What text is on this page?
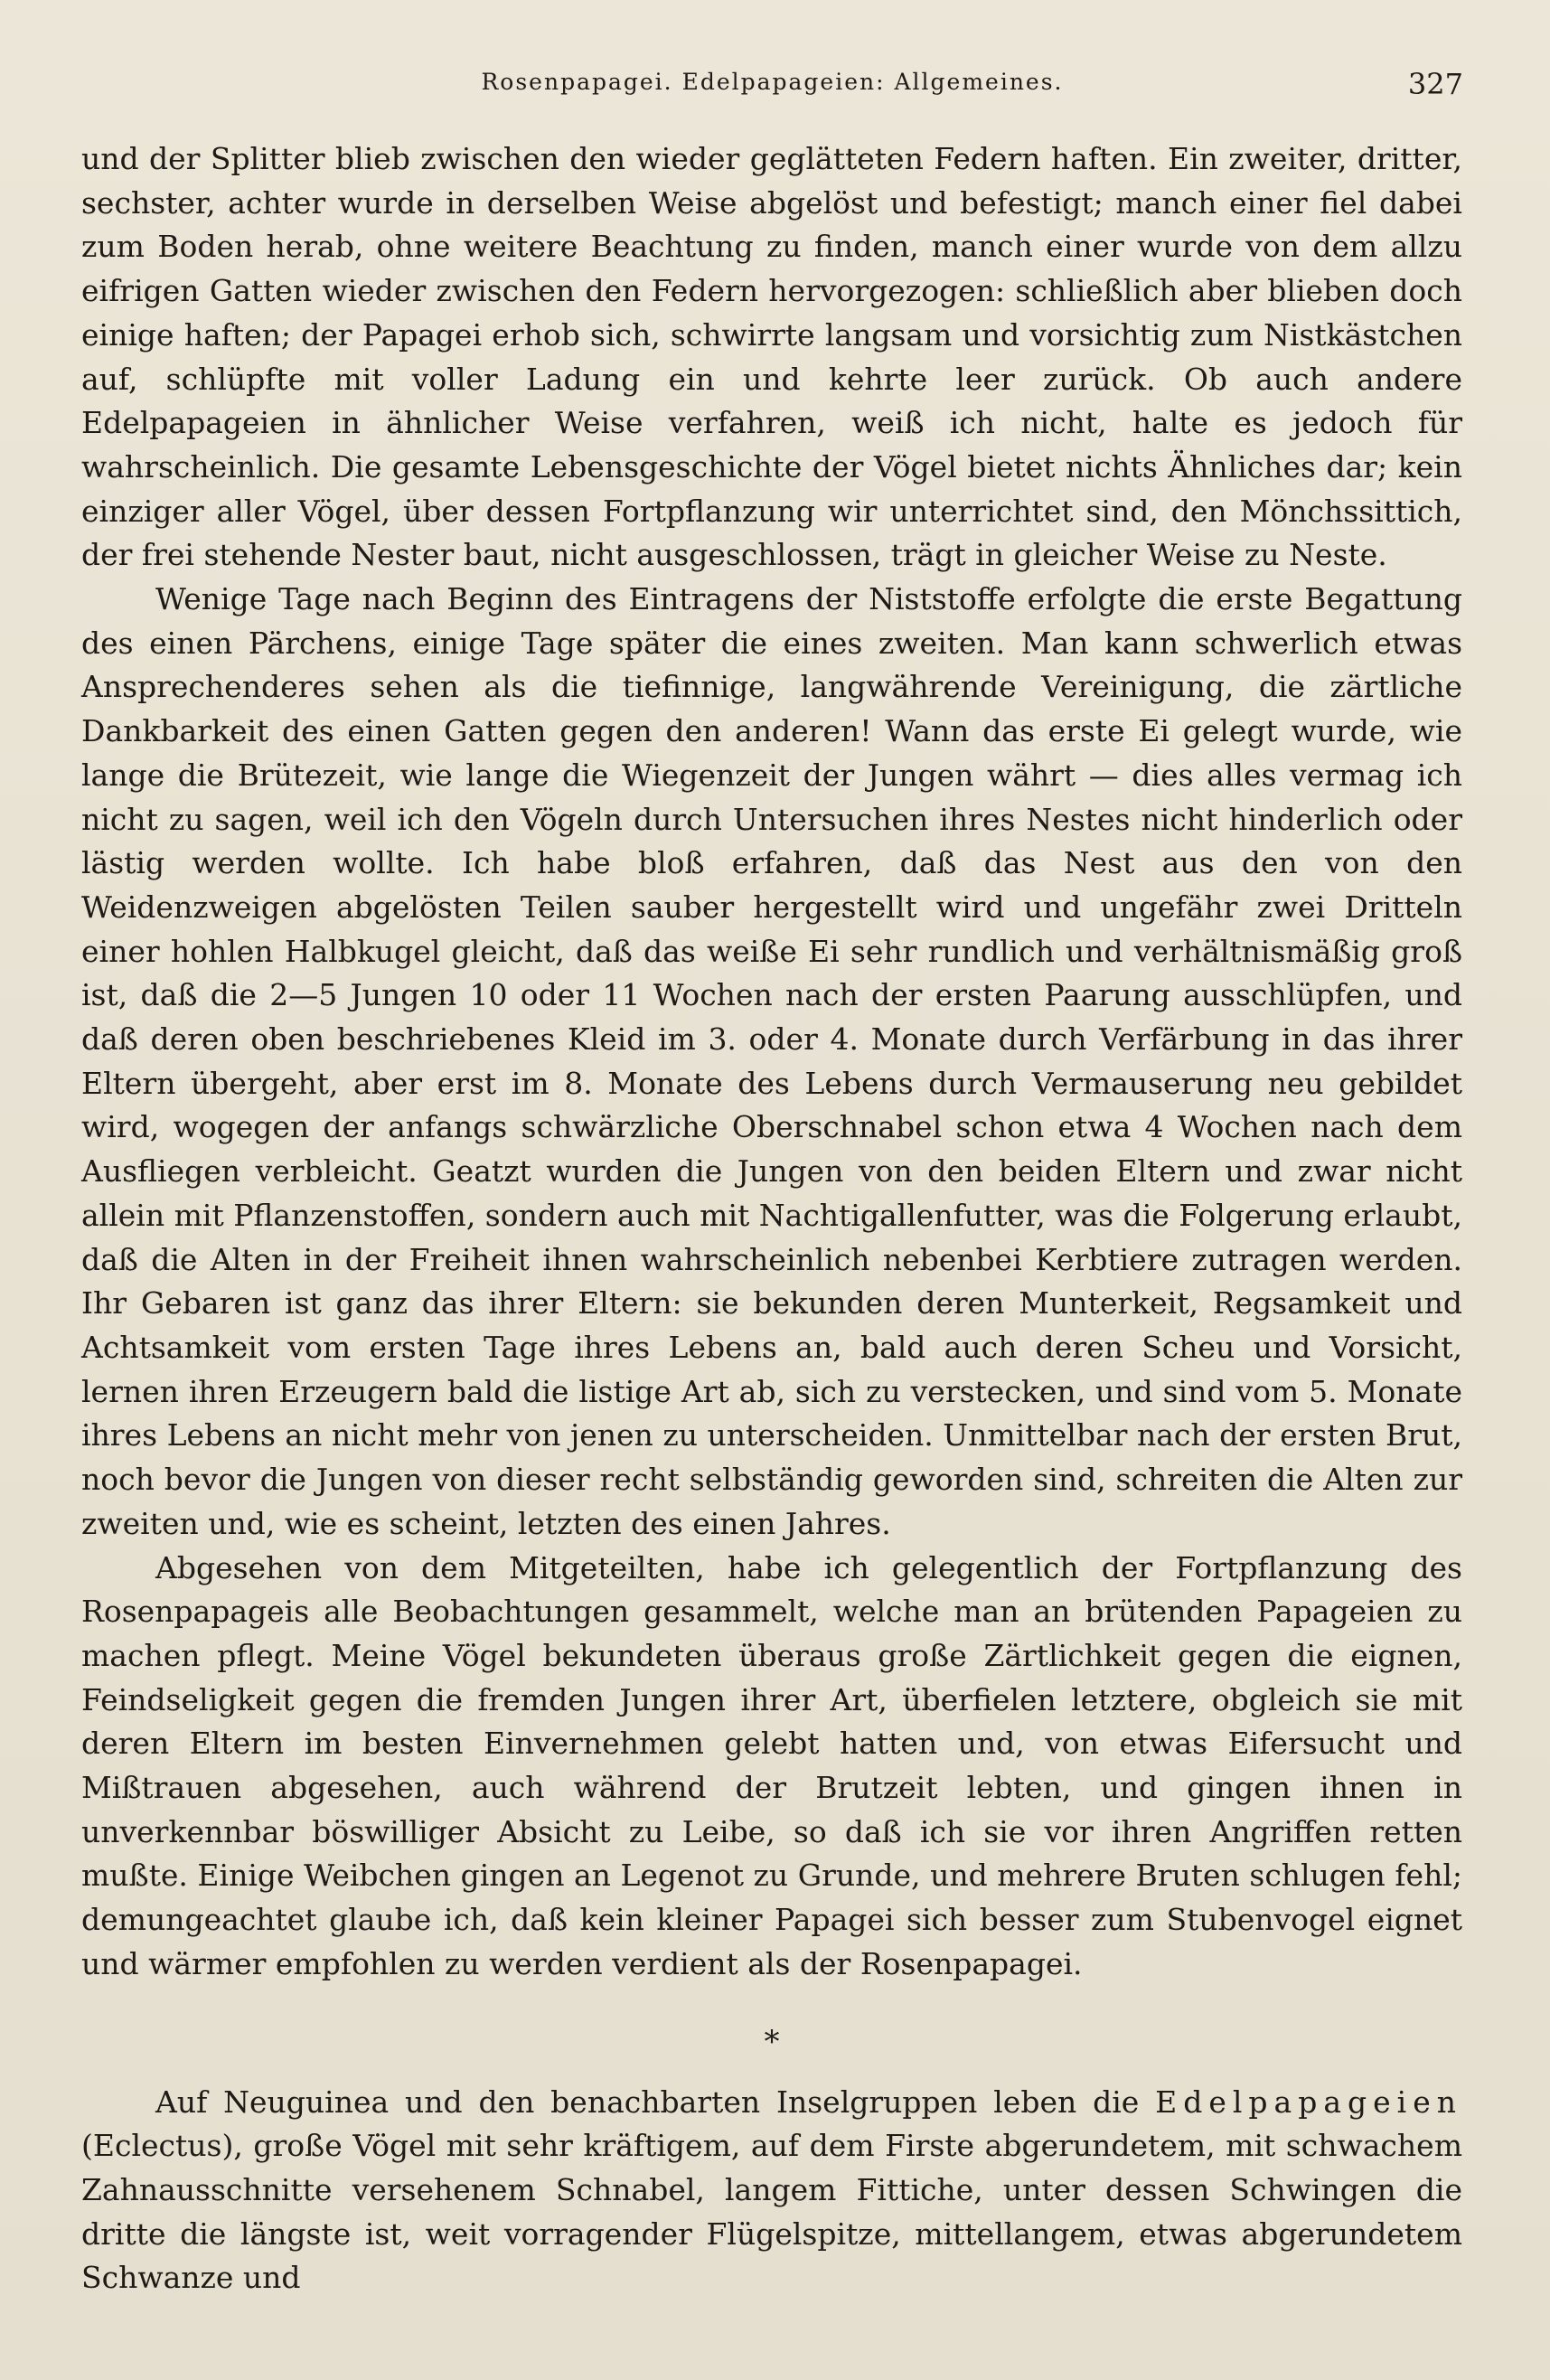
Rosenpapagei. Edelpapageien: Allgemeines.	327

und der Splitter blieb zwischen den wieder geglätteten Federn haften. Ein zweiter, dritter, sechster, achter wurde in derselben Weise abgelöst und befestigt; manch einer fiel dabei zum Boden herab, ohne weitere Beachtung zu finden, manch einer wurde von dem allzu eifrigen Gatten wieder zwischen den Federn hervorgezogen: schließlich aber blieben doch einige haften; der Papagei erhob sich, schwirrte langsam und vorsichtig zum Nistkästchen auf, schlüpfte mit voller Ladung ein und kehrte leer zurück. Ob auch andere Edelpapageien in ähnlicher Weise verfahren, weiß ich nicht, halte es jedoch für wahrscheinlich. Die gesamte Lebensgeschichte der Vögel bietet nichts Ähnliches dar; kein einziger aller Vögel, über dessen Fortpflanzung wir unterrichtet sind, den Mönchssittich, der frei stehende Nester baut, nicht ausgeschlossen, trägt in gleicher Weise zu Neste.

Wenige Tage nach Beginn des Eintragens der Niststoffe erfolgte die erste Begattung des einen Pärchens, einige Tage später die eines zweiten. Man kann schwerlich etwas Ansprechenderes sehen als die tiefinnige, langwährende Vereinigung, die zärtliche Dankbarkeit des einen Gatten gegen den anderen! Wann das erste Ei gelegt wurde, wie lange die Brütezeit, wie lange die Wiegenzeit der Jungen währt — dies alles vermag ich nicht zu sagen, weil ich den Vögeln durch Untersuchen ihres Nestes nicht hinderlich oder lästig werden wollte. Ich habe bloß erfahren, daß das Nest aus den von den Weidenzweigen abgelösten Teilen sauber hergestellt wird und ungefähr zwei Dritteln einer hohlen Halbkugel gleicht, daß das weiße Ei sehr rundlich und verhältnismäßig groß ist, daß die 2—5 Jungen 10 oder 11 Wochen nach der ersten Paarung ausschlüpfen, und daß deren oben beschriebenes Kleid im 3. oder 4. Monate durch Verfärbung in das ihrer Eltern übergeht, aber erst im 8. Monate des Lebens durch Vermauserung neu gebildet wird, wogegen der anfangs schwärzliche Oberschnabel schon etwa 4 Wochen nach dem Ausfliegen verbleicht. Geatzt wurden die Jungen von den beiden Eltern und zwar nicht allein mit Pflanzenstoffen, sondern auch mit Nachtigallenfutter, was die Folgerung erlaubt, daß die Alten in der Freiheit ihnen wahrscheinlich nebenbei Kerbtiere zutragen werden. Ihr Gebaren ist ganz das ihrer Eltern: sie bekunden deren Munterkeit, Regsamkeit und Achtsamkeit vom ersten Tage ihres Lebens an, bald auch deren Scheu und Vorsicht, lernen ihren Erzeugern bald die listige Art ab, sich zu verstecken, und sind vom 5. Monate ihres Lebens an nicht mehr von jenen zu unterscheiden. Unmittelbar nach der ersten Brut, noch bevor die Jungen von dieser recht selbständig geworden sind, schreiten die Alten zur zweiten und, wie es scheint, letzten des einen Jahres.

Abgesehen von dem Mitgeteilten, habe ich gelegentlich der Fortpflanzung des Rosenpapageis alle Beobachtungen gesammelt, welche man an brütenden Papageien zu machen pflegt. Meine Vögel bekundeten überaus große Zärtlichkeit gegen die eignen, Feindseligkeit gegen die fremden Jungen ihrer Art, überfielen letztere, obgleich sie mit deren Eltern im besten Einvernehmen gelebt hatten und, von etwas Eifersucht und Mißtrauen abgesehen, auch während der Brutzeit lebten, und gingen ihnen in unverkennbar böswilliger Absicht zu Leibe, so daß ich sie vor ihren Angriffen retten mußte. Einige Weibchen gingen an Legenot zu Grunde, und mehrere Bruten schlugen fehl; demungeachtet glaube ich, daß kein kleiner Papagei sich besser zum Stubenvogel eignet und wärmer empfohlen zu werden verdient als der Rosenpapagei.

*

Auf Neuguinea und den benachbarten Inselgruppen leben die Edelpapageien (Eclectus), große Vögel mit sehr kräftigem, auf dem Firste abgerundetem, mit schwachem Zahnausschnitte versehenem Schnabel, langem Fittiche, unter dessen Schwingen die dritte die längste ist, weit vorragender Flügelspitze, mittellangem, etwas abgerundetem Schwanze und
